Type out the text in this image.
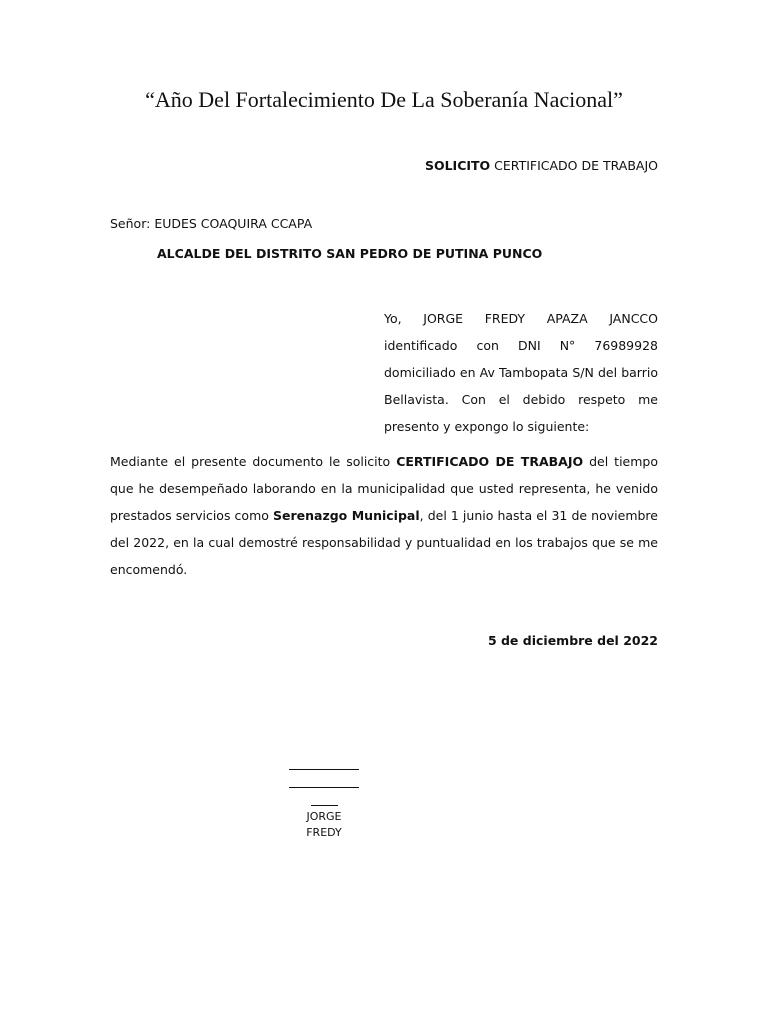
“Año Del Fortalecimiento De La Soberanía Nacional”
SOLICITO CERTIFICADO DE TRABAJO
Señor: EUDES COAQUIRA CCAPA
ALCALDE DEL DISTRITO SAN PEDRO DE PUTINA PUNCO
Yo, JORGE FREDY APAZA JANCCO identificado con DNI N° 76989928 domiciliado en Av Tambopata S/N del barrio Bellavista. Con el debido respeto me presento y expongo lo siguiente:
Mediante el presente documento le solicito CERTIFICADO DE TRABAJO del tiempo que he desempeñado laborando en la municipalidad que usted representa, he venido prestados servicios como Serenazgo Municipal, del 1 junio hasta el 31 de noviembre del 2022, en la cual demostré responsabilidad y puntualidad en los trabajos que se me encomendó.
5 de diciembre del 2022
JORGE FREDY
